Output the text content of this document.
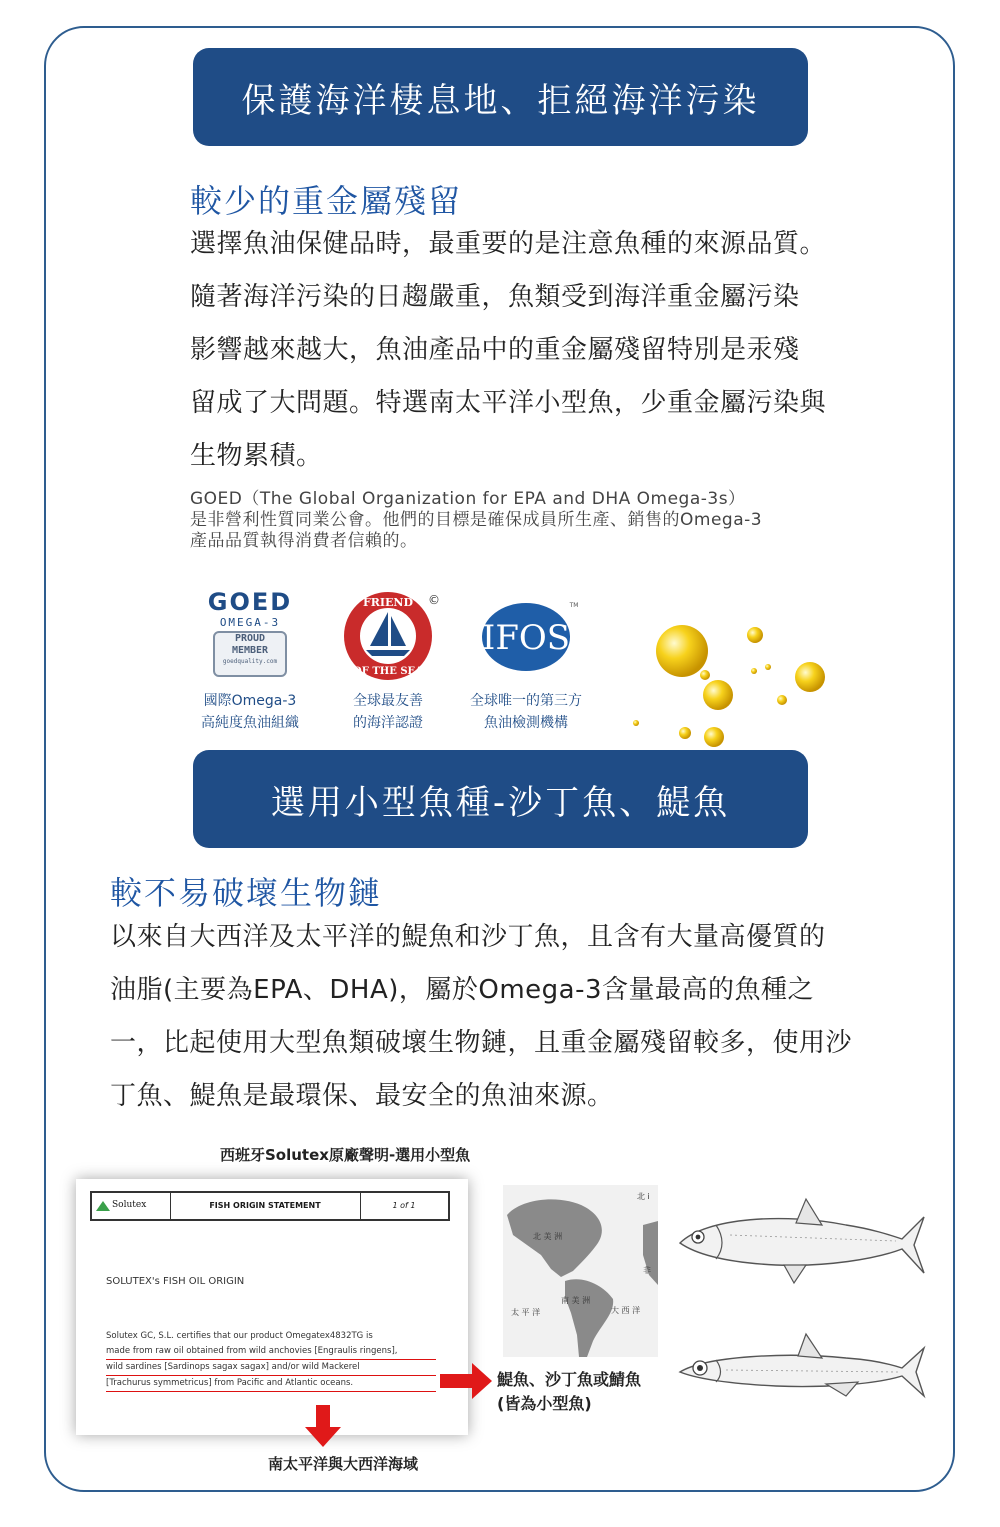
保護海洋棲息地、拒絕海洋污染
較少的重金屬殘留
選擇魚油保健品時，最重要的是注意魚種的來源品質。
隨著海洋污染的日趨嚴重，魚類受到海洋重金屬污染
影響越來越大，魚油產品中的重金屬殘留特別是汞殘
留成了大問題。特選南太平洋小型魚，少重金屬污染與
生物累積。
GOED（The Global Organization for EPA and DHA Omega-3s）
是非營利性質同業公會。他們的目標是確保成員所生產、銷售的Omega-3
產品品質執得消費者信賴的。
GOED
OMEGA-3
PROUD
MEMBER
goedquality.com
國際Omega-3
高純度魚油組織
FRIEND
OF THE SEA
©
全球最友善
的海洋認證
IFOS
TM
全球唯一的第三方
魚油檢測機構
選用小型魚種-沙丁魚、鯷魚
較不易破壞生物鏈
以來自大西洋及太平洋的鯷魚和沙丁魚，且含有大量高優質的
油脂(主要為EPA、DHA)，屬於Omega-3含量最高的魚種之
一，比起使用大型魚類破壞生物鏈，且重金屬殘留較多，使用沙
丁魚、鯷魚是最環保、最安全的魚油來源。
西班牙Solutex原廠聲明-選用小型魚
Solutex	FISH ORIGIN STATEMENT	1 of 1
SOLUTEX's FISH OIL ORIGIN
Solutex GC, S.L. certifies that our product Omegatex4832TG is
made from raw oil obtained from wild anchovies [Engraulis ringens],
wild sardines [Sardinops sagax sagax] and/or wild Mackerel
[Trachurus symmetricus] from Pacific and Atlantic oceans.
南太平洋與大西洋海域
北 美 洲
南 美 洲
太 平 洋	大 西 洋
北 i
非
鯷魚、沙丁魚或鯖魚
(皆為小型魚)
